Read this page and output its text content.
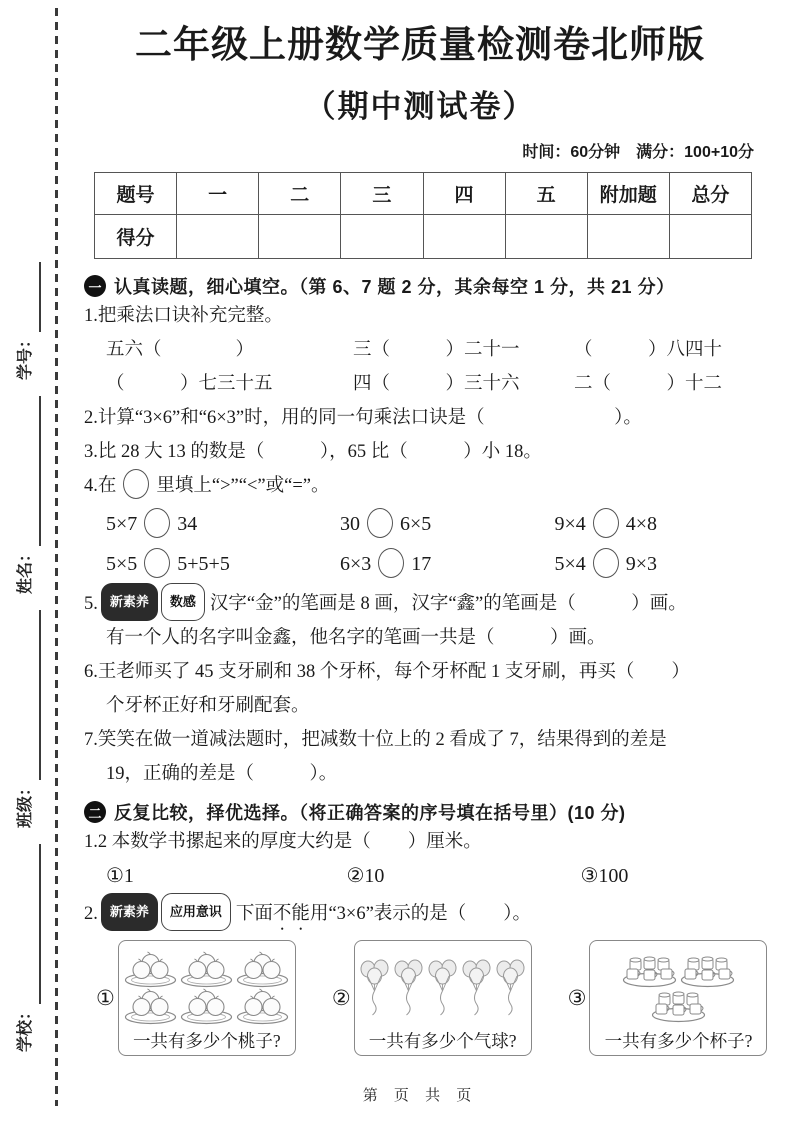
学校：
班级：
姓名：
学号：
二年级上册数学质量检测卷北师版
（期中测试卷）
时间：60分钟　满分：100+10分
题号	一	二	三	四	五	附加题	总分
得分							
一 认真读题，细心填空。（第 6、7 题 2 分，其余每空 1 分，共 21 分）
1.把乘法口诀补充完整。
五六（　　　　）	三（　　　）二十一	（　　　）八四十
（　　　）七三十五	四（　　　）三十六	二（　　　）十二
2.计算“3×6”和“6×3”时，用的同一句乘法口诀是（　　　　　　　）。
3.比 28 大 13 的数是（　　　），65 比（　　　）小 18。
4.在 里填上“>”“<”或“=”。
5×7 34	30 6×5	9×4 4×8
5×5 5+5+5	6×3 17	5×4 9×3
5. 新素养 数感 汉字“金”的笔画是 8 画，汉字“鑫”的笔画是（　　　）画。
有一个人的名字叫金鑫，他名字的笔画一共是（　　　）画。
6.王老师买了 45 支牙刷和 38 个牙杯，每个牙杯配 1 支牙刷，再买（　　）
个牙杯正好和牙刷配套。
7.笑笑在做一道减法题时，把减数十位上的 2 看成了 7，结果得到的差是
19，正确的差是（　　　）。
二 反复比较，择优选择。（将正确答案的序号填在括号里）(10 分)
1.2 本数学书摞起来的厚度大约是（　　）厘米。
①1	②10	③100
2. 新素养 应用意识 下面不能用“3×6”表示的是（　　）。
①
一共有多少个桃子?
②
一共有多少个气球?
③
一共有多少个杯子?
第 页 共 页
